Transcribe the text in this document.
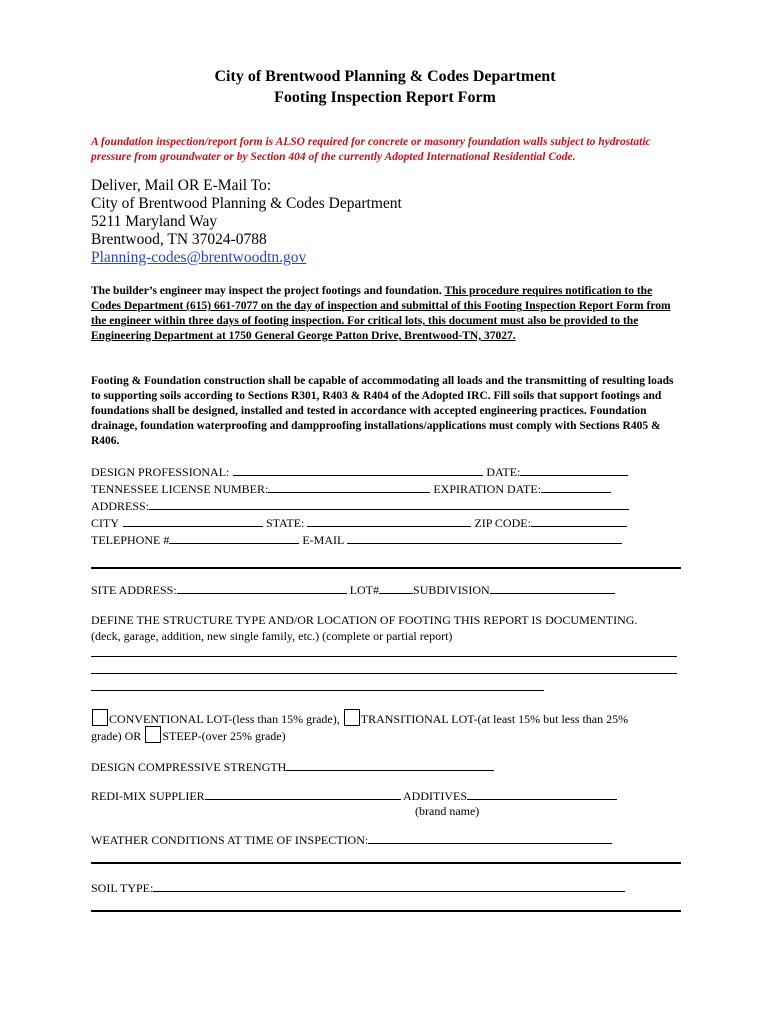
City of Brentwood Planning & Codes Department
Footing Inspection Report Form
A foundation inspection/report form is ALSO required for concrete or masonry foundation walls subject to hydrostatic pressure from groundwater or by Section 404 of the currently Adopted International Residential Code.
Deliver, Mail OR E-Mail To:
City of Brentwood Planning & Codes Department
5211 Maryland Way
Brentwood, TN 37024-0788
Planning-codes@brentwoodtn.gov
The builder’s engineer may inspect the project footings and foundation. This procedure requires notification to the Codes Department (615) 661-7077 on the day of inspection and submittal of this Footing Inspection Report Form from the engineer within three days of footing inspection. For critical lots, this document must also be provided to the Engineering Department at 1750 General George Patton Drive, Brentwood-TN, 37027.
Footing & Foundation construction shall be capable of accommodating all loads and the transmitting of resulting loads to supporting soils according to Sections R301, R403 & R404 of the Adopted IRC. Fill soils that support footings and foundations shall be designed, installed and tested in accordance with accepted engineering practices. Foundation drainage, foundation waterproofing and dampproofing installations/applications must comply with Sections R405 & R406.
DESIGN PROFESSIONAL:	DATE:
TENNESSEE LICENSE NUMBER:	EXPIRATION DATE:
ADDRESS:
CITY	STATE:	ZIP CODE:
TELEPHONE #	E-MAIL
SITE ADDRESS:	LOT#	SUBDIVISION
DEFINE THE STRUCTURE TYPE AND/OR LOCATION OF FOOTING THIS REPORT IS DOCUMENTING.
(deck, garage, addition, new single family, etc.) (complete or partial report)
CONVENTIONAL LOT-(less than 15% grade), TRANSITIONAL LOT-(at least 15% but less than 25%
grade) OR STEEP-(over 25% grade)
DESIGN COMPRESSIVE STRENGTH
REDI-MIX SUPPLIER	ADDITIVES
(brand name)
WEATHER CONDITIONS AT TIME OF INSPECTION:
SOIL TYPE:
